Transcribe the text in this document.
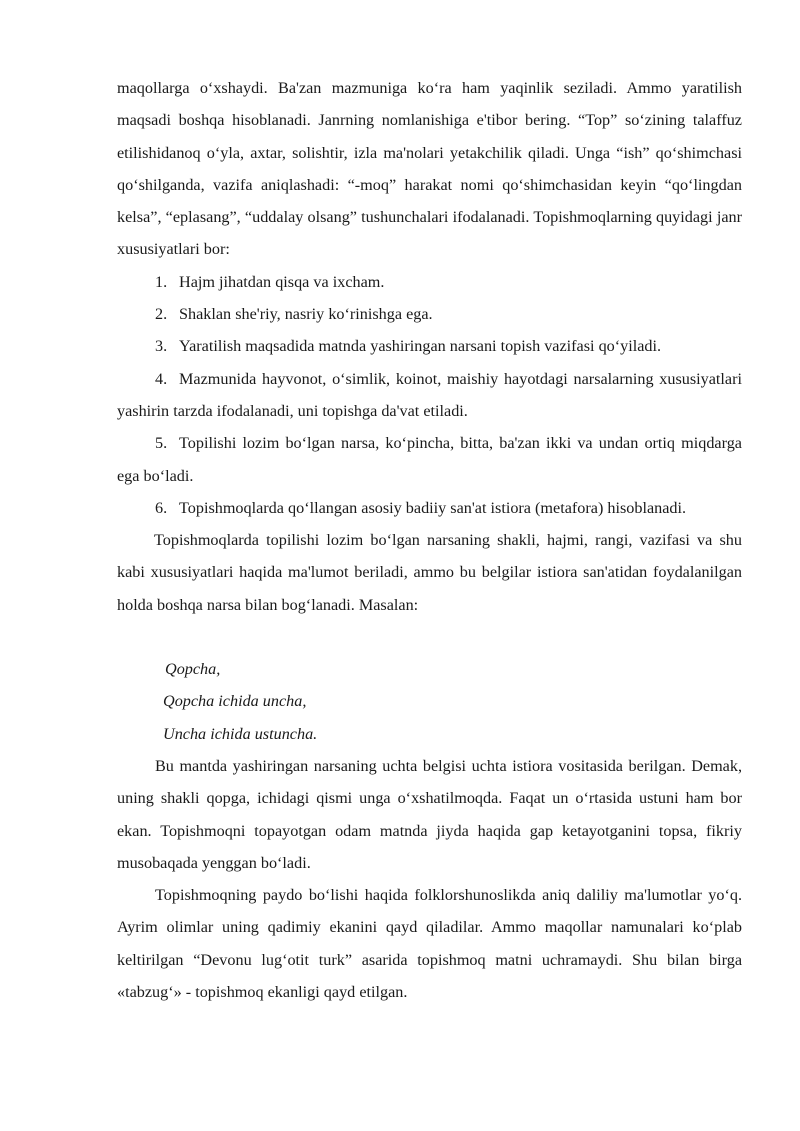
maqollarga o‘xshaydi. Ba'zan mazmuniga ko‘ra ham yaqinlik seziladi. Ammo yaratilish maqsadi boshqa hisoblanadi. Janrning nomlanishiga e'tibor bering. “Top” so‘zining talaffuz etilishidanoq o‘yla, axtar, solishtir, izla ma'nolari yetakchilik qiladi. Unga “ish” qo‘shimchasi qo‘shilganda, vazifa aniqlashadi: “-moq” harakat nomi qo‘shimchasidan keyin “qo‘lingdan kelsa”, “eplasang”, “uddalay olsang” tushunchalari ifodalanadi. Topishmoqlarning quyidagi janr xususiyatlari bor:

1. Hajm jihatdan qisqa va ixcham.

2. Shaklan she'riy, nasriy ko‘rinishga ega.

3. Yaratilish maqsadida matnda yashiringan narsani topish vazifasi qo‘yiladi.

4. Mazmunida hayvonot, o‘simlik, koinot, maishiy hayotdagi narsalarning xususiyatlari yashirin tarzda ifodalanadi, uni topishga da'vat etiladi.

5. Topilishi lozim bo‘lgan narsa, ko‘pincha, bitta, ba'zan ikki va undan ortiq miqdarga ega bo‘ladi.

6. Topishmoqlarda qo‘llangan asosiy badiiy san'at istiora (metafora) hisoblanadi.

Topishmoqlarda topilishi lozim bo‘lgan narsaning shakli, hajmi, rangi, vazifasi va shu kabi xususiyatlari haqida ma'lumot beriladi, ammo bu belgilar istiora san'atidan foydalanilgan holda boshqa narsa bilan bog‘lanadi. Masalan:

Qopcha,

Qopcha ichida uncha,

Uncha ichida ustuncha.

Bu mantda yashiringan narsaning uchta belgisi uchta istiora vositasida berilgan. Demak, uning shakli qopga, ichidagi qismi unga o‘xshatilmoqda. Faqat un o‘rtasida ustuni ham bor ekan. Topishmoqni topayotgan odam matnda jiyda haqida gap ketayotganini topsa, fikriy musobaqada yenggan bo‘ladi.

Topishmoqning paydo bo‘lishi haqida folklorshunoslikda aniq daliliy ma'lumotlar yo‘q. Ayrim olimlar uning qadimiy ekanini qayd qiladilar. Ammo maqollar namunalari ko‘plab keltirilgan “Devonu lug‘otit turk” asarida topishmoq matni uchramaydi. Shu bilan birga «tabzug‘» - topishmoq ekanligi qayd etilgan.
